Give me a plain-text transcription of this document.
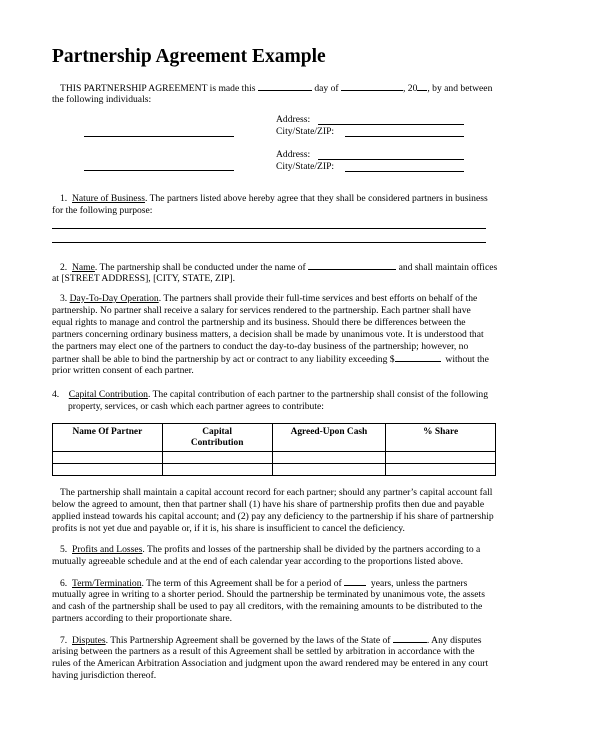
Partnership Agreement Example

THIS PARTNERSHIP AGREEMENT is made this	day of	, 20 , by and between

the following individuals:

Address:
City/State/ZIP:
Address:
City/State/ZIP:

1. Nature of Business. The partners listed above hereby agree that they shall be considered partners in business

for the following purpose:

2. Name. The partnership shall be conducted under the name of	and shall maintain offices

at [STREET ADDRESS], [CITY, STATE, ZIP].

3. Day-To-Day Operation. The partners shall provide their full-time services and best efforts on behalf of the

partnership. No partner shall receive a salary for services rendered to the partnership. Each partner shall have

equal rights to manage and control the partnership and its business. Should there be differences between the

partners concerning ordinary business matters, a decision shall be made by unanimous vote. It is understood that

the partners may elect one of the partners to conduct the day-to-day business of the partnership; however, no

partner shall be able to bind the partnership by act or contract to any liability exceeding $	without the

prior written consent of each partner.

4. Capital Contribution. The capital contribution of each partner to the partnership shall consist of the following

property, services, or cash which each partner agrees to contribute:

Name Of Partner	Capital Contribution	Agreed-Upon Cash	% Share

The partnership shall maintain a capital account record for each partner; should any partner’s capital account fall

below the agreed to amount, then that partner shall (1) have his share of partnership profits then due and payable

applied instead towards his capital account; and (2) pay any deficiency to the partnership if his share of partnership

profits is not yet due and payable or, if it is, his share is insufficient to cancel the deficiency.

5. Profits and Losses. The profits and losses of the partnership shall be divided by the partners according to a

mutually agreeable schedule and at the end of each calendar year according to the proportions listed above.

6. Term/Termination. The term of this Agreement shall be for a period of	years, unless the partners

mutually agree in writing to a shorter period. Should the partnership be terminated by unanimous vote, the assets

and cash of the partnership shall be used to pay all creditors, with the remaining amounts to be distributed to the

partners according to their proportionate share.

7. Disputes. This Partnership Agreement shall be governed by the laws of the State of	. Any disputes

arising between the partners as a result of this Agreement shall be settled by arbitration in accordance with the

rules of the American Arbitration Association and judgment upon the award rendered may be entered in any court

having jurisdiction thereof.
